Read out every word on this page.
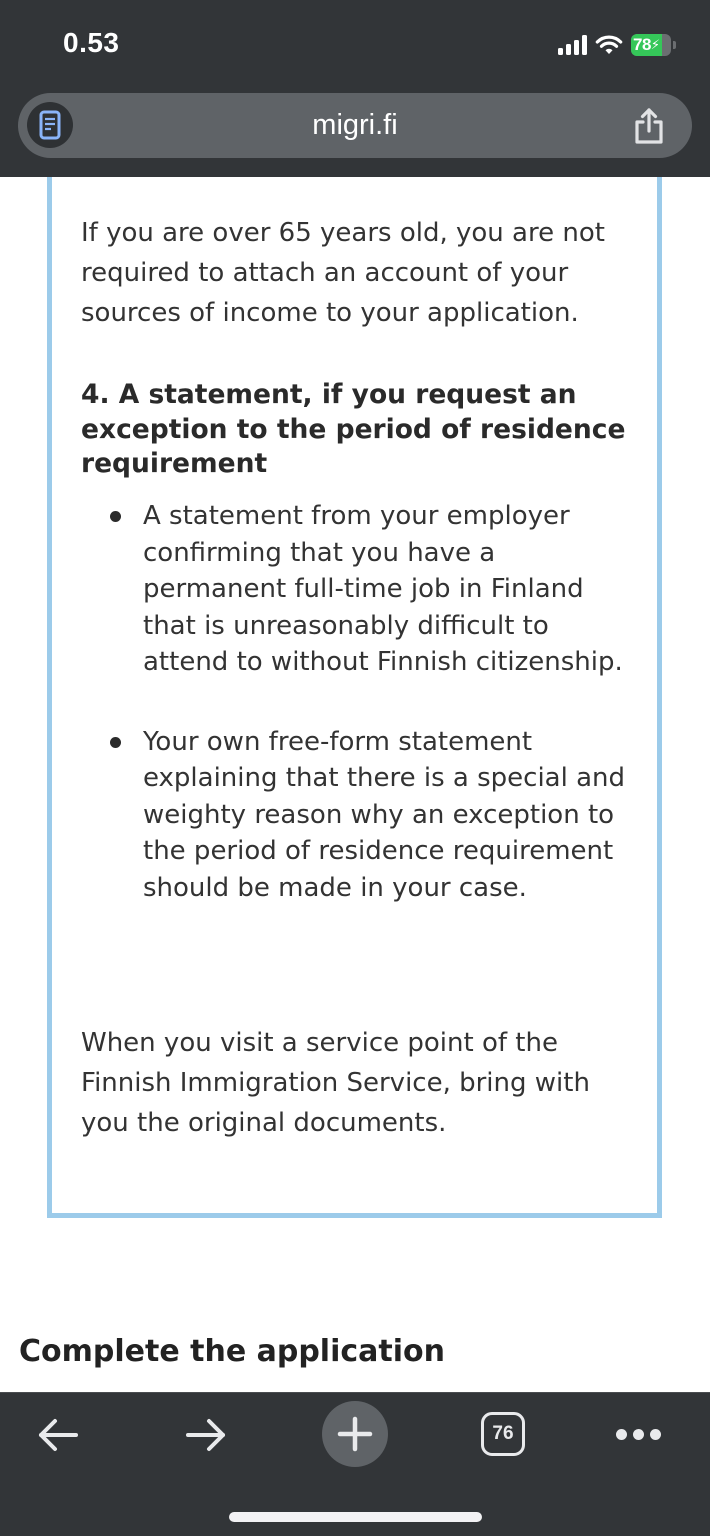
0.53	78 ⚡︎
migri.fi

If you are over 65 years old, you are not required to attach an account of your sources of income to your application.

4. A statement, if you request an exception to the period of residence requirement
A statement from your employer confirming that you have a permanent full-time job in Finland that is unreasonably difficult to attend to without Finnish citizenship.
Your own free-form statement explaining that there is a special and weighty reason why an exception to the period of residence requirement should be made in your case.

When you visit a service point of the Finnish Immigration Service, bring with you the original documents.

Complete the application
76
